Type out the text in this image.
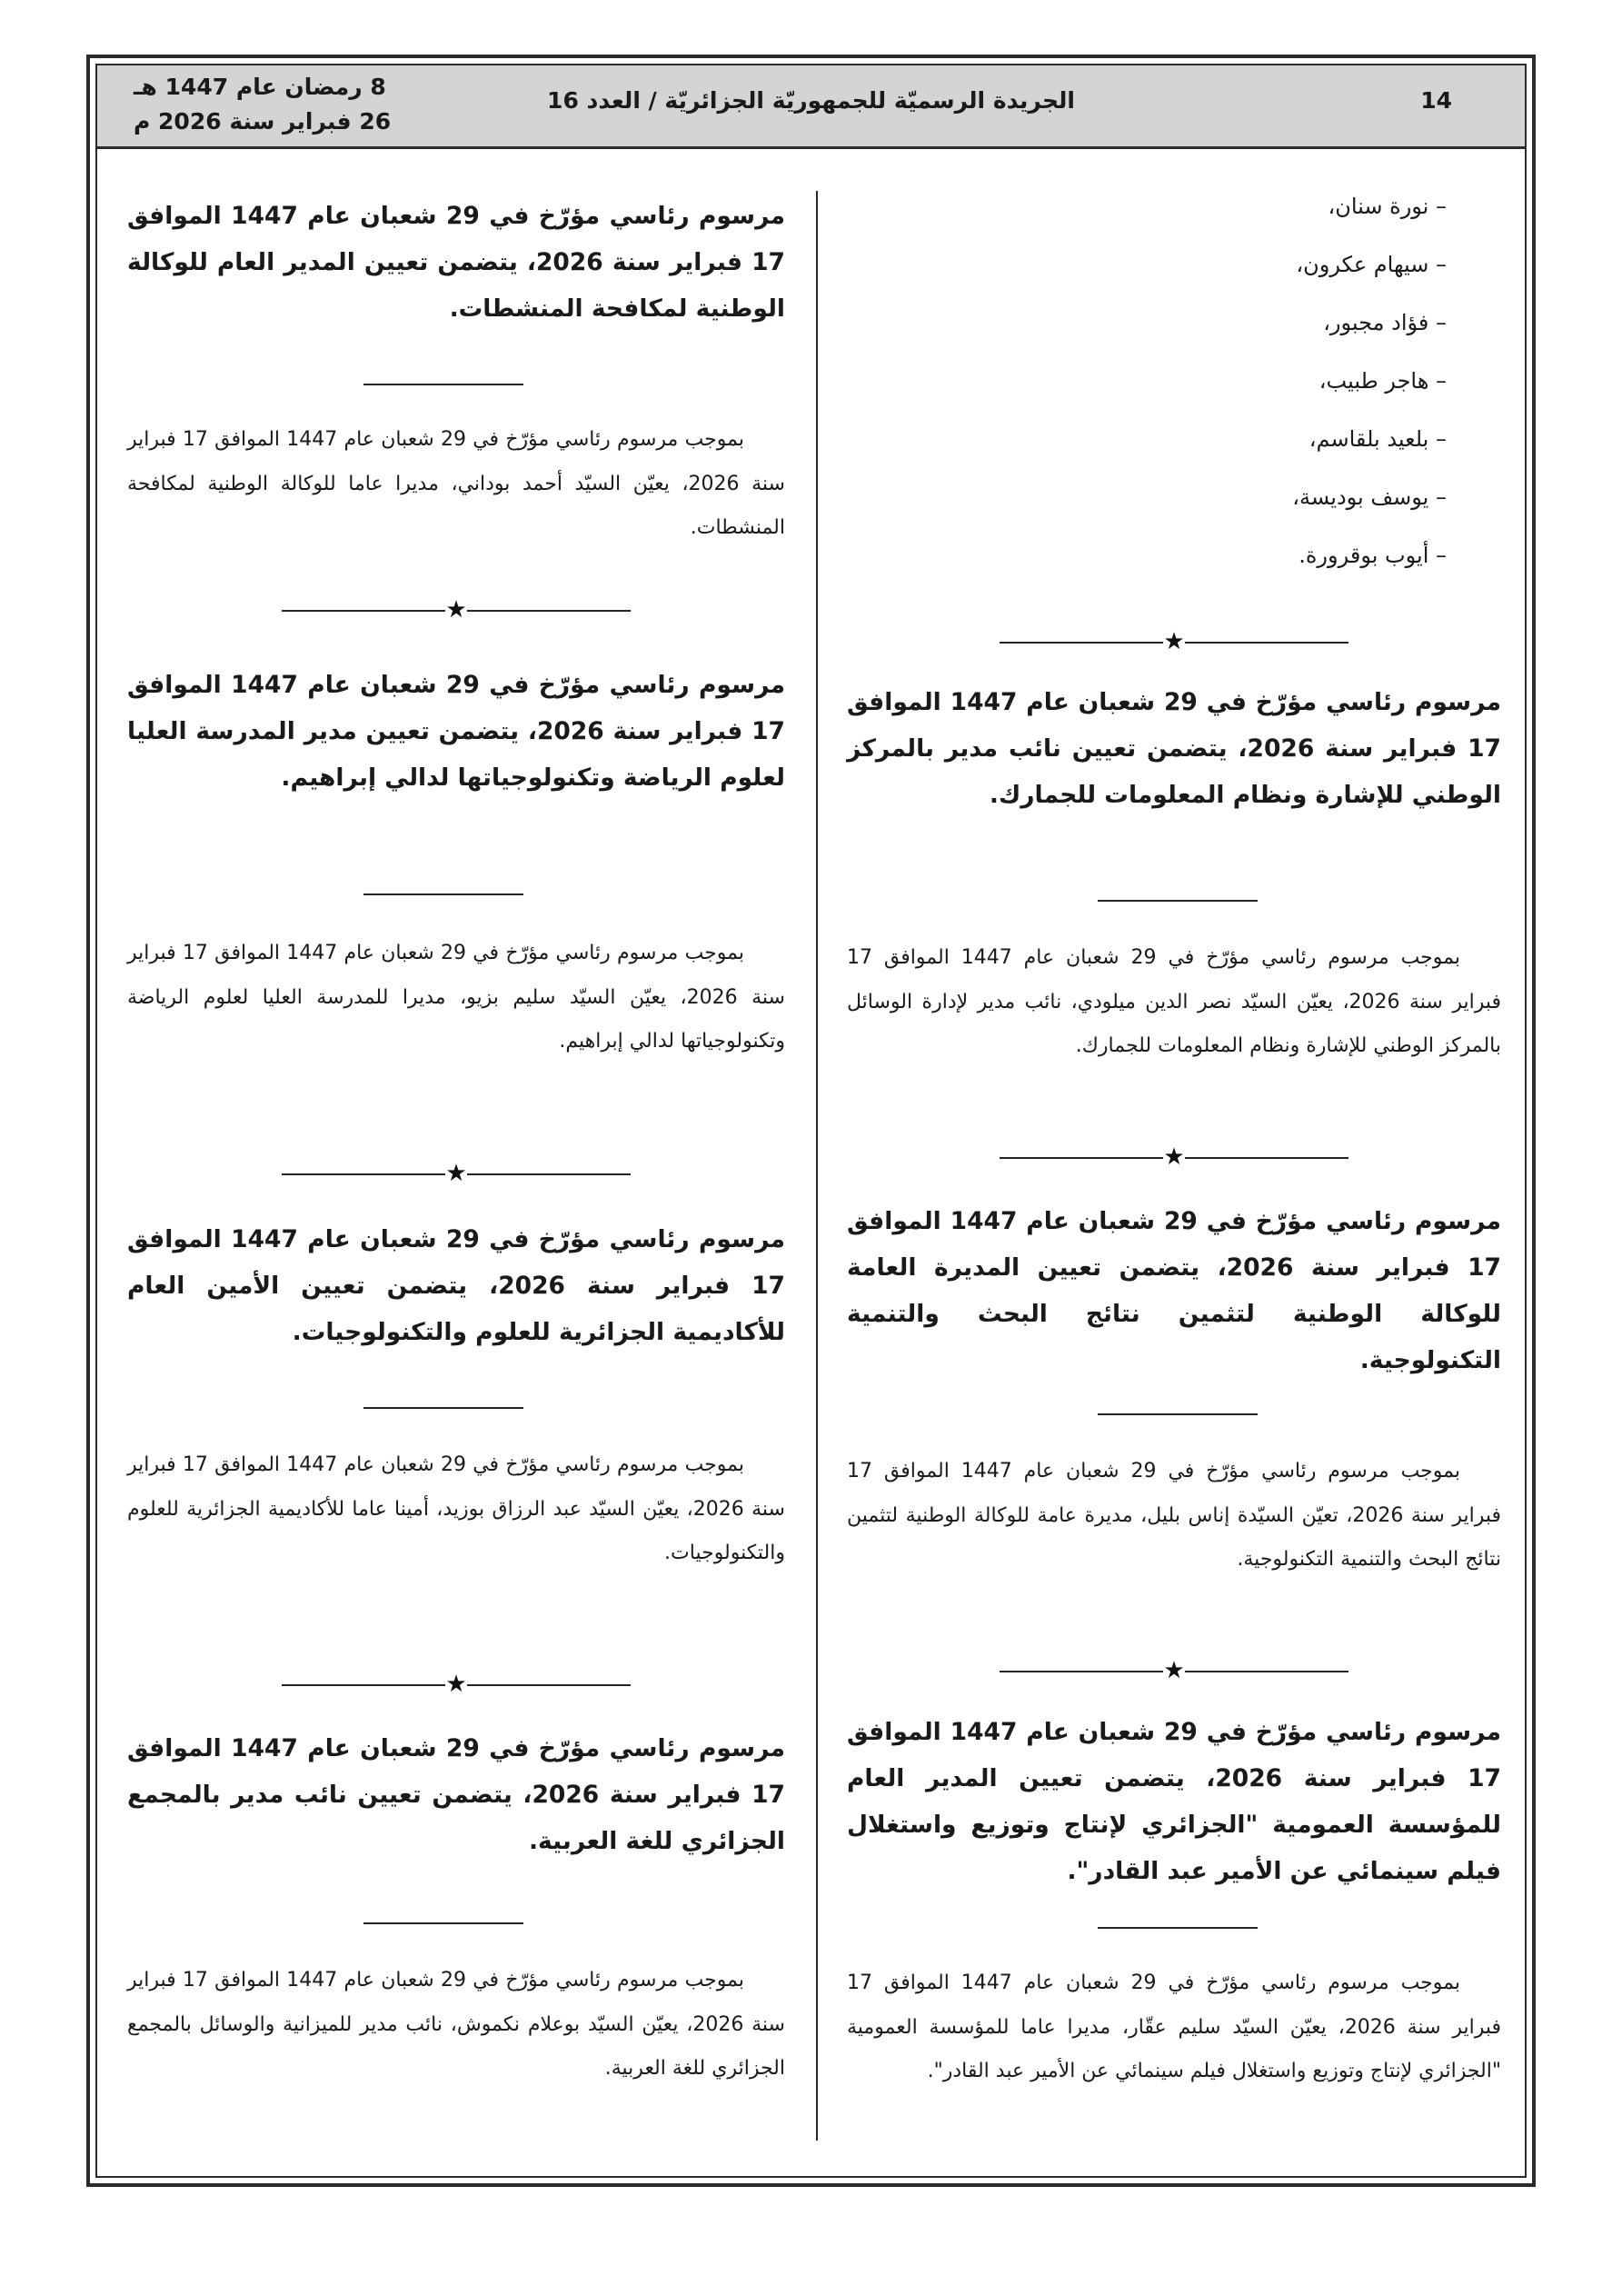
14
الجريدة الرسميّة للجمهوريّة الجزائريّة / العدد 16
8 رمضان عام 1447 هـ
26 فبراير سنة 2026 م
– نورة سنان،
– سيهام عكرون،
– فؤاد مجبور،
– هاجر طبيب،
– بلعيد بلقاسم،
– يوسف بوديسة،
– أيوب بوقرورة.
★
مرسوم رئاسي مؤرّخ في 29 شعبان عام 1447 الموافق 17 فبراير سنة 2026، يتضمن تعيين نائب مدير بالمركز الوطني للإشارة ونظام المعلومات للجمارك.
بموجب مرسوم رئاسي مؤرّخ في 29 شعبان عام 1447 الموافق 17 فبراير سنة 2026، يعيّن السيّد نصر الدين ميلودي، نائب مدير لإدارة الوسائل بالمركز الوطني للإشارة ونظام المعلومات للجمارك.
★
مرسوم رئاسي مؤرّخ في 29 شعبان عام 1447 الموافق 17 فبراير سنة 2026، يتضمن تعيين المديرة العامة للوكالة الوطنية لتثمين نتائج البحث والتنمية التكنولوجية.
بموجب مرسوم رئاسي مؤرّخ في 29 شعبان عام 1447 الموافق 17 فبراير سنة 2026، تعيّن السيّدة إناس بليل، مديرة عامة للوكالة الوطنية لتثمين نتائج البحث والتنمية التكنولوجية.
★
مرسوم رئاسي مؤرّخ في 29 شعبان عام 1447 الموافق 17 فبراير سنة 2026، يتضمن تعيين المدير العام للمؤسسة العمومية "الجزائري لإنتاج وتوزيع واستغلال فيلم سينمائي عن الأمير عبد القادر".
بموجب مرسوم رئاسي مؤرّخ في 29 شعبان عام 1447 الموافق 17 فبراير سنة 2026، يعيّن السيّد سليم عقّار، مديرا عاما للمؤسسة العمومية "الجزائري لإنتاج وتوزيع واستغلال فيلم سينمائي عن الأمير عبد القادر".
مرسوم رئاسي مؤرّخ في 29 شعبان عام 1447 الموافق 17 فبراير سنة 2026، يتضمن تعيين المدير العام للوكالة الوطنية لمكافحة المنشطات.
بموجب مرسوم رئاسي مؤرّخ في 29 شعبان عام 1447 الموافق 17 فبراير سنة 2026، يعيّن السيّد أحمد بوداني، مديرا عاما للوكالة الوطنية لمكافحة المنشطات.
★
مرسوم رئاسي مؤرّخ في 29 شعبان عام 1447 الموافق 17 فبراير سنة 2026، يتضمن تعيين مدير المدرسة العليا لعلوم الرياضة وتكنولوجياتها لدالي إبراهيم.
بموجب مرسوم رئاسي مؤرّخ في 29 شعبان عام 1447 الموافق 17 فبراير سنة 2026، يعيّن السيّد سليم بزيو، مديرا للمدرسة العليا لعلوم الرياضة وتكنولوجياتها لدالي إبراهيم.
★
مرسوم رئاسي مؤرّخ في 29 شعبان عام 1447 الموافق 17 فبراير سنة 2026، يتضمن تعيين الأمين العام للأكاديمية الجزائرية للعلوم والتكنولوجيات.
بموجب مرسوم رئاسي مؤرّخ في 29 شعبان عام 1447 الموافق 17 فبراير سنة 2026، يعيّن السيّد عبد الرزاق بوزيد، أمينا عاما للأكاديمية الجزائرية للعلوم والتكنولوجيات.
★
مرسوم رئاسي مؤرّخ في 29 شعبان عام 1447 الموافق 17 فبراير سنة 2026، يتضمن تعيين نائب مدير بالمجمع الجزائري للغة العربية.
بموجب مرسوم رئاسي مؤرّخ في 29 شعبان عام 1447 الموافق 17 فبراير سنة 2026، يعيّن السيّد بوعلام نكموش، نائب مدير للميزانية والوسائل بالمجمع الجزائري للغة العربية.
